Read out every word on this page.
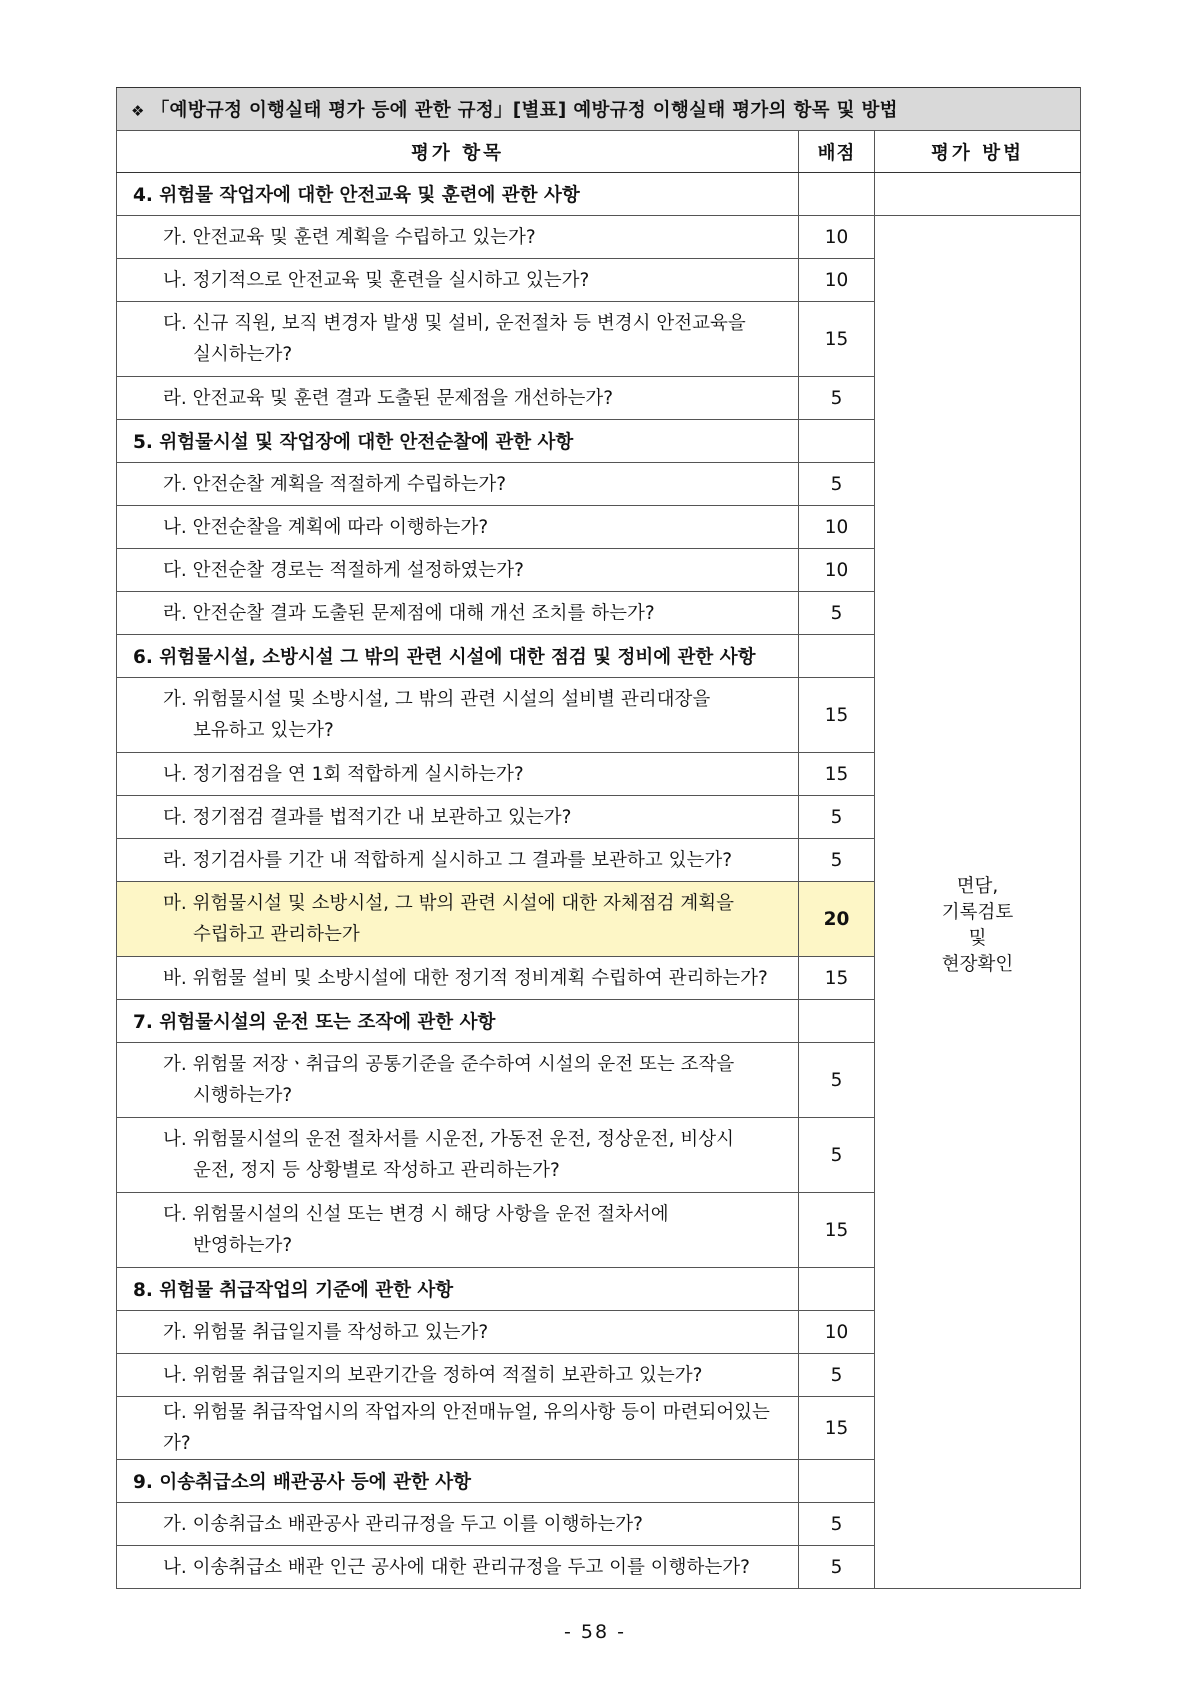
❖ 「예방규정 이행실태 평가 등에 관한 규정」[별표] 예방규정 이행실태 평가의 항목 및 방법		
평가 항목	배점	평가 방법
4. 위험물 작업자에 대한 안전교육 및 훈련에 관한 사항		
가. 안전교육 및 훈련 계획을 수립하고 있는가?	10	면담,
기록검토
및
현장확인

나. 정기적으로 안전교육 및 훈련을 실시하고 있는가?	10	
다. 신규 직원, 보직 변경자 발생 및 설비, 운전절차 등 변경시 안전교육을
실시하는가?	15	
라. 안전교육 및 훈련 결과 도출된 문제점을 개선하는가?	5	
5. 위험물시설 및 작업장에 대한 안전순찰에 관한 사항		
가. 안전순찰 계획을 적절하게 수립하는가?	5	
나. 안전순찰을 계획에 따라 이행하는가?	10	
다. 안전순찰 경로는 적절하게 설정하였는가?	10	
라. 안전순찰 결과 도출된 문제점에 대해 개선 조치를 하는가?	5	
6. 위험물시설, 소방시설 그 밖의 관련 시설에 대한 점검 및 정비에 관한 사항		
가. 위험물시설 및 소방시설, 그 밖의 관련 시설의 설비별 관리대장을
보유하고 있는가?	15	
나. 정기점검을 연 1회 적합하게 실시하는가?	15	
다. 정기점검 결과를 법적기간 내 보관하고 있는가?	5	
라. 정기검사를 기간 내 적합하게 실시하고 그 결과를 보관하고 있는가?	5	
마. 위험물시설 및 소방시설, 그 밖의 관련 시설에 대한 자체점검 계획을
수립하고 관리하는가	20	
바. 위험물 설비 및 소방시설에 대한 정기적 정비계획 수립하여 관리하는가?	15	
7. 위험물시설의 운전 또는 조작에 관한 사항		
가. 위험물 저장ㆍ취급의 공통기준을 준수하여 시설의 운전 또는 조작을
시행하는가?	5	
나. 위험물시설의 운전 절차서를 시운전, 가동전 운전, 정상운전, 비상시
운전, 정지 등 상황별로 작성하고 관리하는가?	5	
다. 위험물시설의 신설 또는 변경 시 해당 사항을 운전 절차서에
반영하는가?	15	
8. 위험물 취급작업의 기준에 관한 사항		
가. 위험물 취급일지를 작성하고 있는가?	10	
나. 위험물 취급일지의 보관기간을 정하여 적절히 보관하고 있는가?	5	
다. 위험물 취급작업시의 작업자의 안전매뉴얼, 유의사항 등이 마련되어있는가?	15	
9. 이송취급소의 배관공사 등에 관한 사항		
가. 이송취급소 배관공사 관리규정을 두고 이를 이행하는가?	5	
나. 이송취급소 배관 인근 공사에 대한 관리규정을 두고 이를 이행하는가?	5	
- 58 -
